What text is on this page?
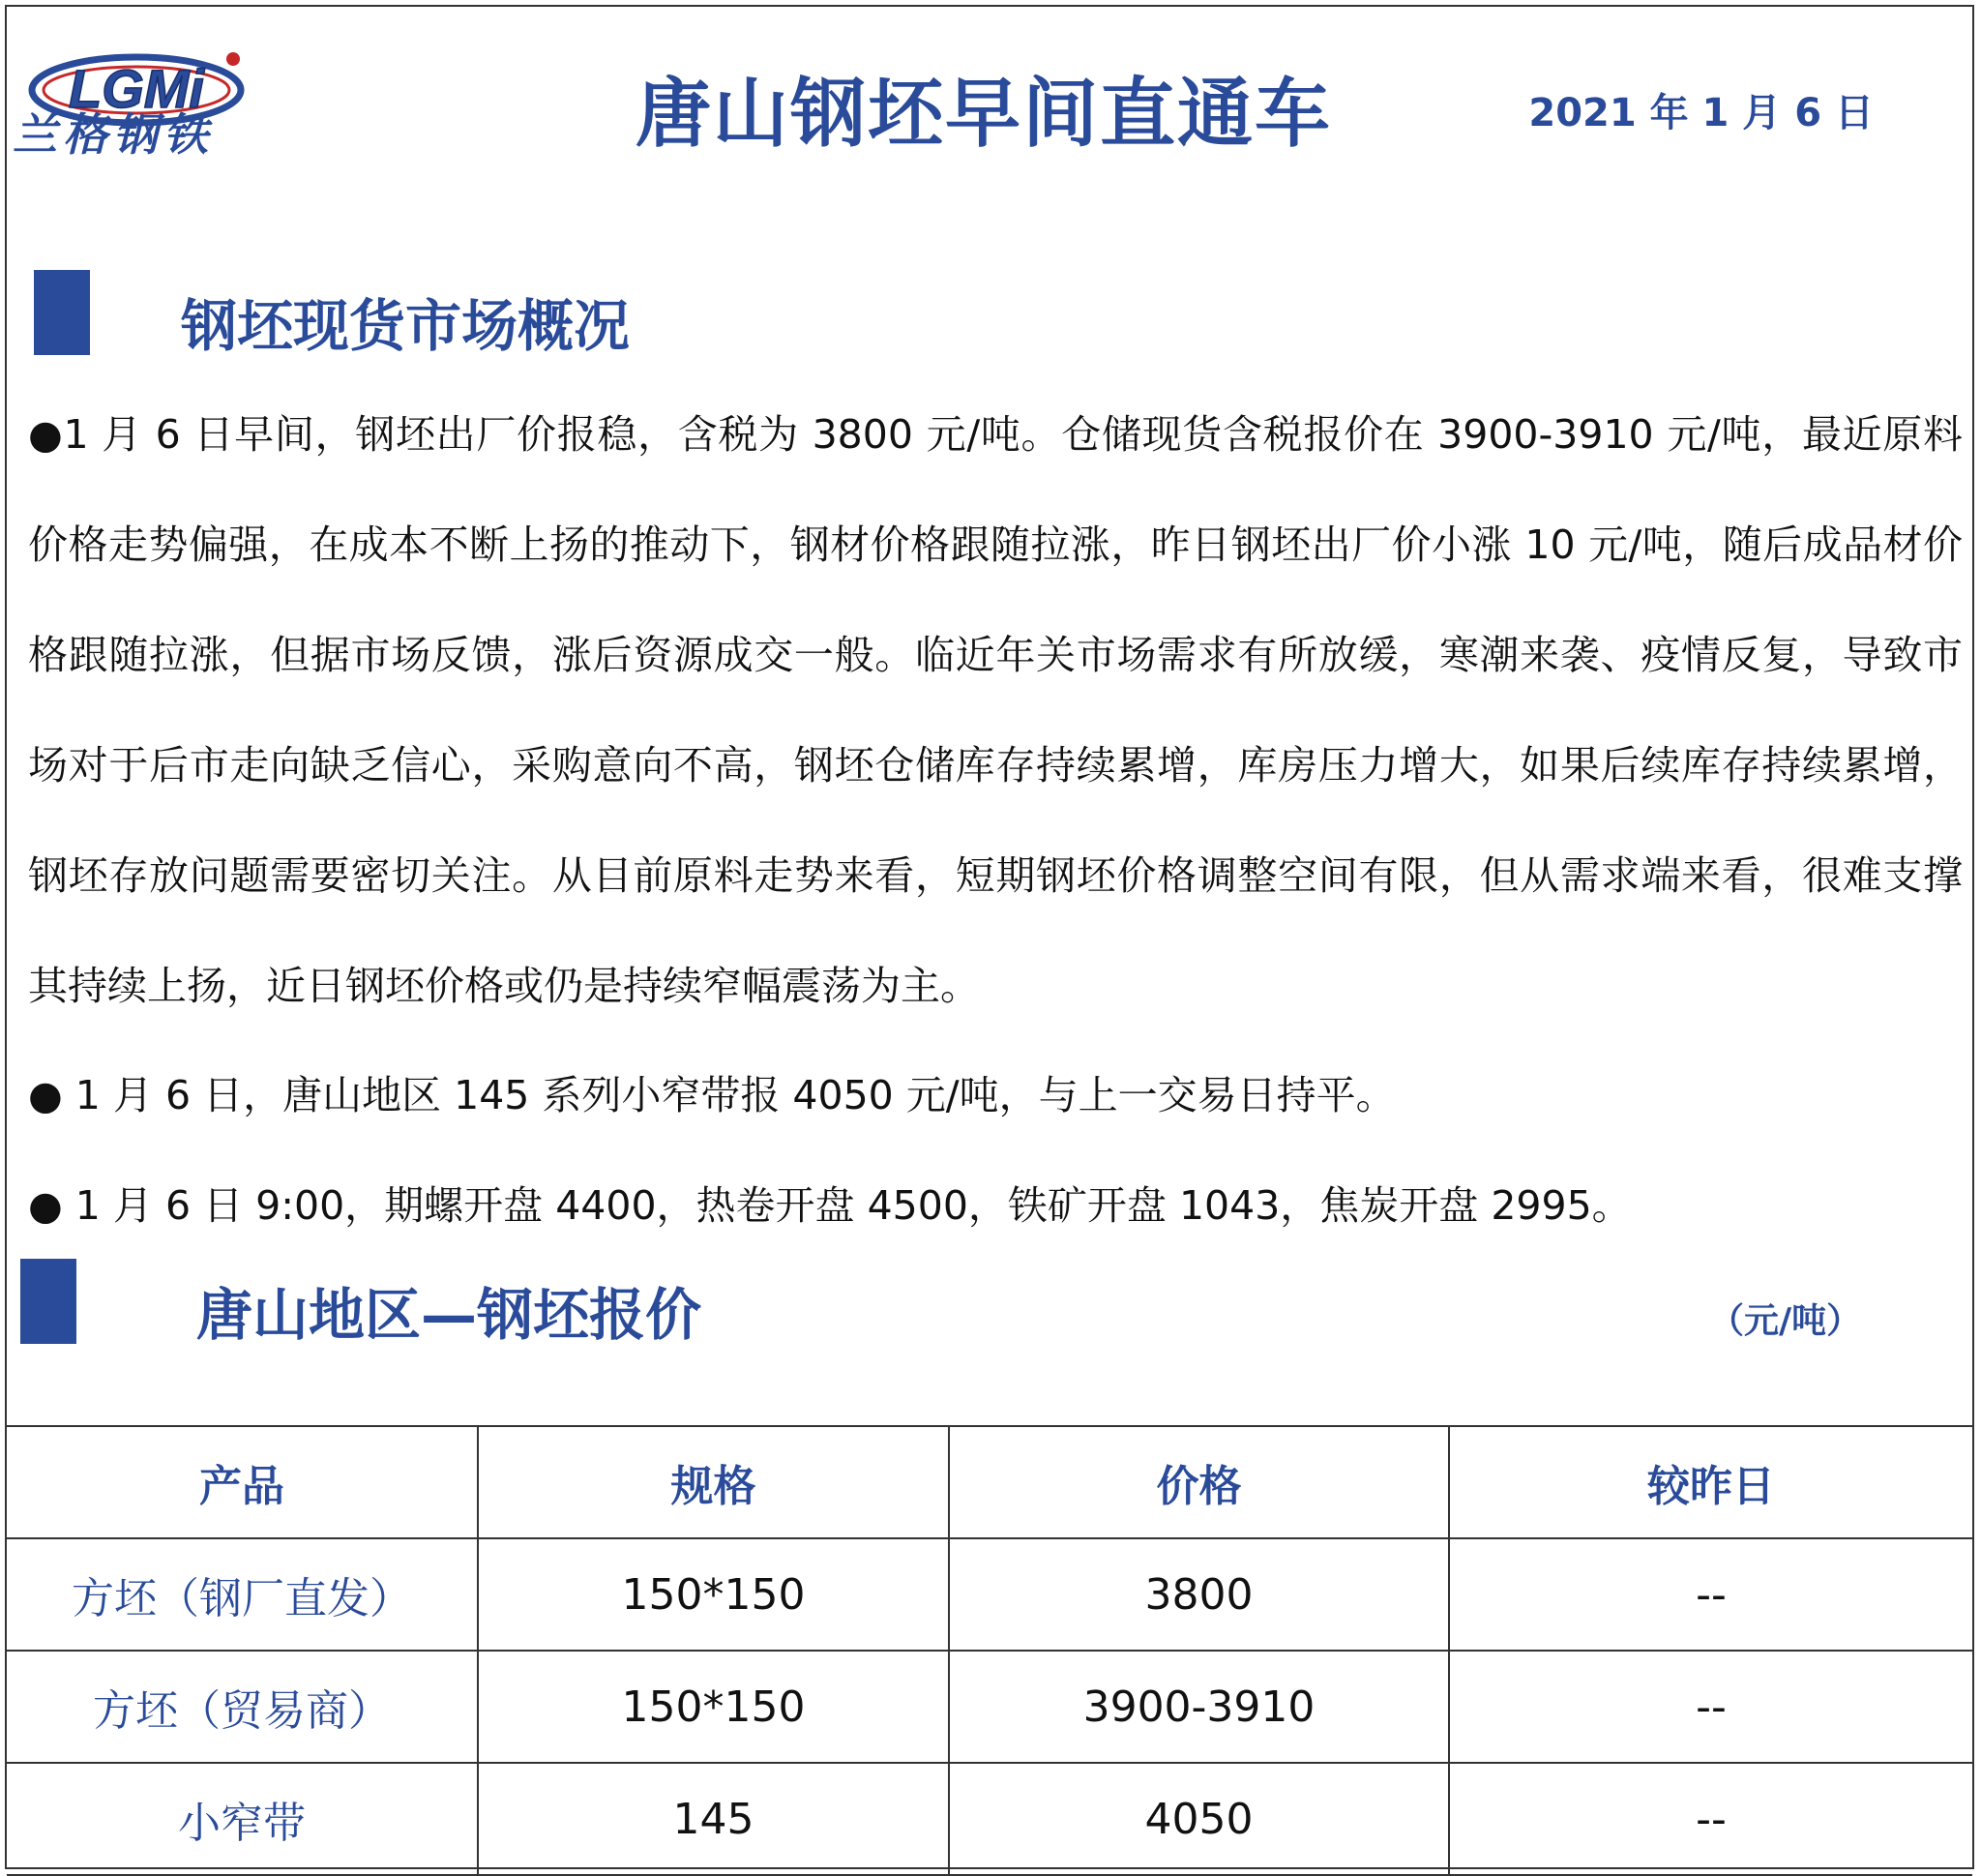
LGMi
兰格钢铁	唐山钢坯早间直通车	2021 年 1 月 6 日
钢坯现货市场概况
●1 月 6 日早间，钢坯出厂价报稳，含税为 3800 元/吨。仓储现货含税报价在 3900-3910 元/吨，最近原料价格走势偏强，在成本不断上扬的推动下，钢材价格跟随拉涨，昨日钢坯出厂价小涨 10 元/吨，随后成品材价格跟随拉涨，但据市场反馈，涨后资源成交一般。临近年关市场需求有所放缓，寒潮来袭、疫情反复，导致市场对于后市走向缺乏信心，采购意向不高，钢坯仓储库存持续累增，库房压力增大，如果后续库存持续累增，钢坯存放问题需要密切关注。从目前原料走势来看，短期钢坯价格调整空间有限，但从需求端来看，很难支撑其持续上扬，近日钢坯价格或仍是持续窄幅震荡为主。
● 1 月 6 日，唐山地区 145 系列小窄带报 4050 元/吨，与上一交易日持平。
● 1 月 6 日 9:00，期螺开盘 4400，热卷开盘 4500，铁矿开盘 1043，焦炭开盘 2995。
唐山地区—钢坯报价	（元/吨）
产品	规格	价格	较昨日
方坯（钢厂直发）	150*150	3800	--
方坯（贸易商）	150*150	3900-3910	--
小窄带	145	4050	--
